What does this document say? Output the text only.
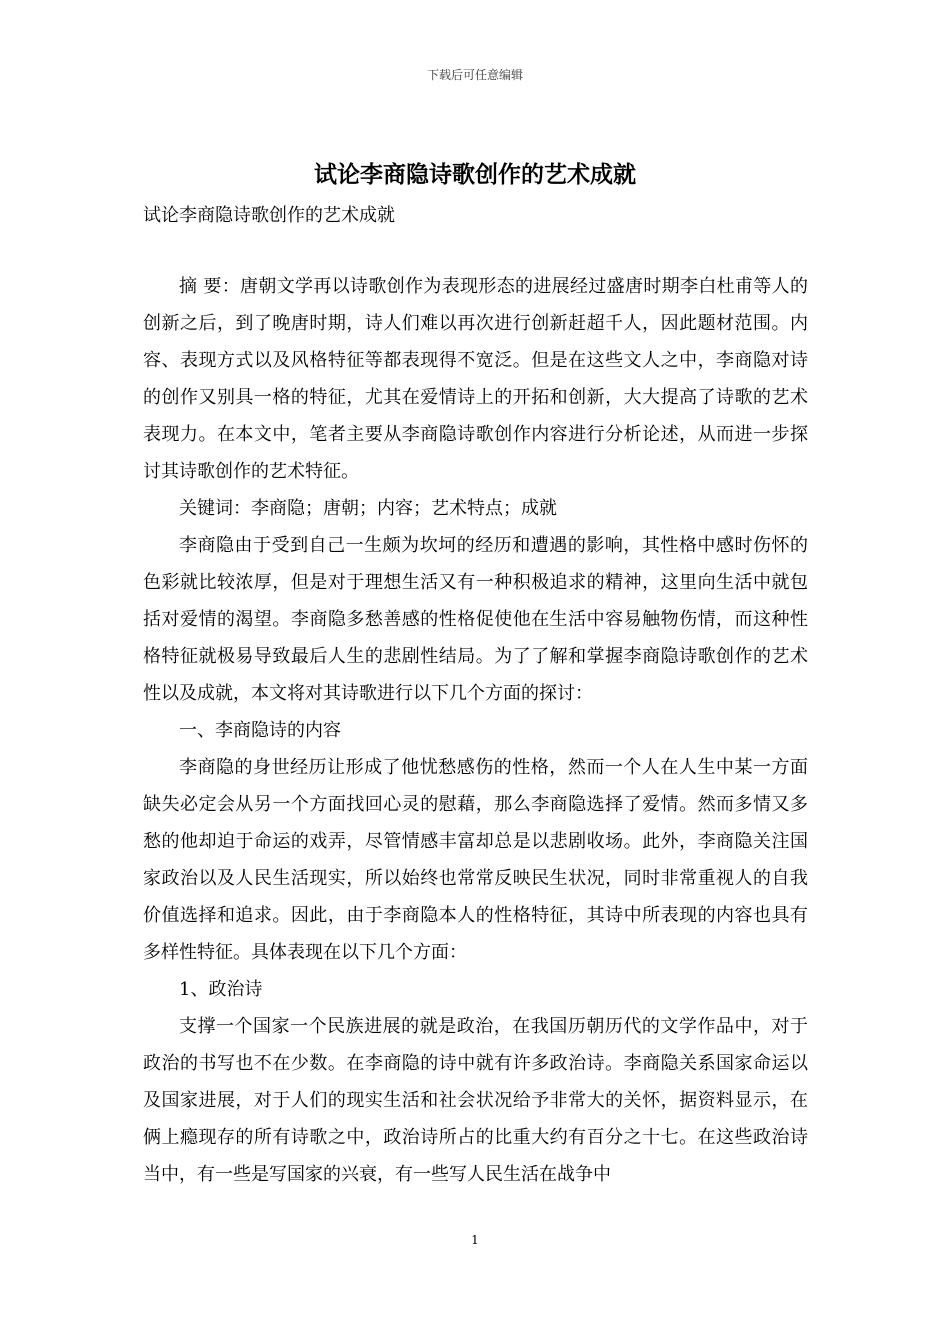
下载后可任意编辑
试论李商隐诗歌创作的艺术成就
试论李商隐诗歌创作的艺术成就

摘 要：唐朝文学再以诗歌创作为表现形态的进展经过盛唐时期李白杜甫等人的创新之后，到了晚唐时期，诗人们难以再次进行创新赶超千人，因此题材范围。内容、表现方式以及风格特征等都表现得不宽泛。但是在这些文人之中，李商隐对诗的创作又别具一格的特征，尤其在爱情诗上的开拓和创新，大大提高了诗歌的艺术表现力。在本文中，笔者主要从李商隐诗歌创作内容进行分析论述，从而进一步探讨其诗歌创作的艺术特征。

关键词：李商隐；唐朝；内容；艺术特点；成就

李商隐由于受到自己一生颇为坎坷的经历和遭遇的影响，其性格中感时伤怀的色彩就比较浓厚，但是对于理想生活又有一种积极追求的精神，这里向生活中就包括对爱情的渴望。李商隐多愁善感的性格促使他在生活中容易触物伤情，而这种性格特征就极易导致最后人生的悲剧性结局。为了了解和掌握李商隐诗歌创作的艺术性以及成就，本文将对其诗歌进行以下几个方面的探讨：

一、李商隐诗的内容

李商隐的身世经历让形成了他忧愁感伤的性格，然而一个人在人生中某一方面缺失必定会从另一个方面找回心灵的慰藉，那么李商隐选择了爱情。然而多情又多愁的他却迫于命运的戏弄，尽管情感丰富却总是以悲剧收场。此外，李商隐关注国家政治以及人民生活现实，所以始终也常常反映民生状况，同时非常重视人的自我价值选择和追求。因此，由于李商隐本人的性格特征，其诗中所表现的内容也具有多样性特征。具体表现在以下几个方面：

1、政治诗

支撑一个国家一个民族进展的就是政治，在我国历朝历代的文学作品中，对于政治的书写也不在少数。在李商隐的诗中就有许多政治诗。李商隐关系国家命运以及国家进展，对于人们的现实生活和社会状况给予非常大的关怀，据资料显示，在俩上瘾现存的所有诗歌之中，政治诗所占的比重大约有百分之十七。在这些政治诗当中，有一些是写国家的兴衰，有一些写人民生活在战争中

1
